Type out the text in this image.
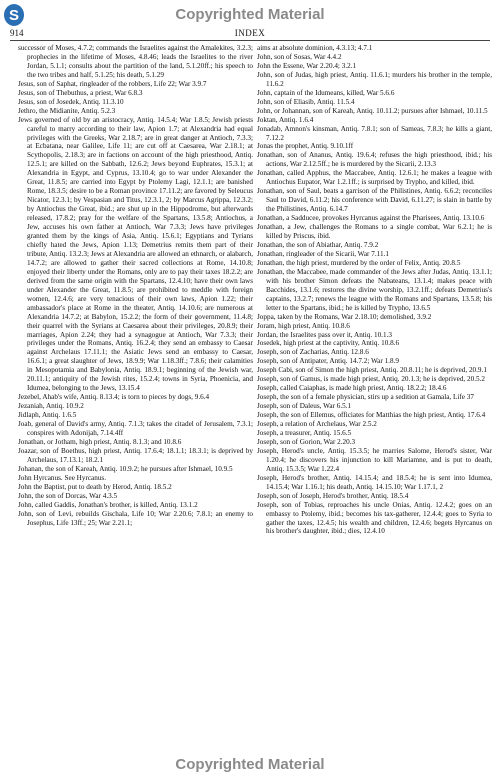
S	Copyrighted Material
914	INDEX
successor of Moses, 4.7.2; commands the Israelites against the Amalekites, 3.2.3; prophecies in the lifetime of Moses, 4.8.46; leads the Israelites to the river Jordan, 5.1.1; consults about the partition of the land, 5.1.20ff.; his speech to the two tribes and half, 5.1.25; his death, 5.1.29
Jesus, son of Saphat, ringleader of the robbers, Life 22; War 3.9.7
Jesus, son of Thebuthus, a priest, War 6.8.3
Jesus, son of Josedek, Antiq. 11.3.10
Jethro, the Midianite, Antiq. 5.2.3
Jews governed of old by an aristocracy, Antiq. 14.5.4; War 1.8.5; Jewish priests careful to marry according to their law, Apion 1.7; at Alexandria had equal privileges with the Greeks, War 2.18.7; are in great danger at Antioch, 7.3.3; at Ecbatana, near Galilee, Life 11; are cut off at Caesarea, War 2.18.1; at Scythopolis, 2.18.3; are in factions on account of the high priesthood, Antiq. 12.5.1; are killed on the Sabbath, 12.6.2; Jews beyond Euphrates, 15.3.1; at Alexandria in Egypt, and Cyprus, 13.10.4; go to war under Alexander the Great, 11.8.5; are carried into Egypt by Ptolemy Lagi, 12.1.1; are banished Rome, 18.3.5; desire to be a Roman province 17.11.2; are favored by Seleucus Nicator, 12.3.1; by Vespasian and Titus, 12.3.1, 2; by Marcus Agrippa, 12.3.2; by Antiochus the Great, ibid.; are shut up in the Hippodrome, but afterwards released, 17.8.2; pray for the welfare of the Spartans, 13.5.8; Antiochus, a Jew, accuses his own father at Antioch, War 7.3.3; Jews have privileges granted them by the kings of Asia, Antiq. 15.6.1; Egyptians and Tyrians chiefly hated the Jews, Apion 1.13; Demetrius remits them part of their tribute, Antiq. 13.2.3; Jews at Alexandria are allowed an ethnarch, or alabarch, 14.7.2; are allowed to gather their sacred collections at Rome, 14.10.8; enjoyed their liberty under the Romans, only are to pay their taxes 18.2.2; are derived from the same origin with the Spartans, 12.4.10; have their own laws under Alexander the Great, 11.8.5; are prohibited to meddle with foreign women, 12.4.6; are very tenacious of their own laws, Apion 1.22; their ambassador's place at Rome in the theater, Antiq. 14.10.6; are numerous at Alexandria 14.7.2; at Babylon, 15.2.2; the form of their government, 11.4.8; their quarrel with the Syrians at Caesarea about their privileges, 20.8.9; their marriages, Apion 2.24; they had a synagogue at Antioch, War 7.3.3; their privileges under the Romans, Antiq. 16.2.4; they send an embassy to Caesar against Archelaus 17.11.1; the Asiatic Jews send an embassy to Caesar, 16.6.1; a great slaughter of Jews, 18.9.9; War 1.18.3ff.; 7.8.6; their calamities in Mesopotamia and Babylonia, Antiq. 18.9.1; beginning of the Jewish war, 20.11.1; antiquity of the Jewish rites, 15.2.4; towns in Syria, Phoenicia, and Idumea, belonging to the Jews, 13.15.4
Jezebel, Ahab's wife, Antiq. 8.13.4; is torn to pieces by dogs, 9.6.4
Jezaniah, Antiq. 10.9.2
Jidlaph, Antiq. 1.6.5
Joab, general of David's army, Antiq. 7.1.3; takes the citadel of Jerusalem, 7.3.1; conspires with Adonijah, 7.14.4ff
Jonathan, or Jotham, high priest, Antiq. 8.1.3; and 10.8.6
Joazar, son of Boethus, high priest, Antiq. 17.6.4; 18.1.1; 18.3.1; is deprived by Archelaus, 17.13.1; 18.2.1
Johanan, the son of Kareah, Antiq. 10.9.2; he pursues after Ishmael, 10.9.5
John Hyrcanus. See Hyrcanus.
John the Baptist, put to death by Herod, Antiq. 18.5.2
John, the son of Dorcas, War 4.3.5
John, called Gaddis, Jonathan's brother, is killed, Antiq. 13.1.2
John, son of Levi, rebuilds Gischala, Life 10; War 2.20.6; 7.8.1; an enemy to Josephus, Life 13ff.; 25; War 2.21.1;
aims at absolute dominion, 4.3.13; 4.7.1
John, son of Sosas, War 4.4.2
John the Essene, War 2.20.4; 3.2.1
John, son of Judas, high priest, Antiq. 11.6.1; murders his brother in the temple, 11.6.2
John, captain of the Idumeans, killed, War 5.6.6
John, son of Eliasib, Antiq. 11.5.4
John, or Johannan, son of Kareah, Antiq. 10.11.2; pursues after Ishmael, 10.11.5
Joktan, Antiq. 1.6.4
Jonadab, Amnon's kinsman, Antiq. 7.8.1; son of Sameas, 7.8.3; he kills a giant, 7.12.2
Jonas the prophet, Antiq. 9.10.1ff
Jonathan, son of Ananus, Antiq. 19.6.4; refuses the high priesthood, ibid.; his actions, War 2.12.5ff.; he is murdered by the Sicarii, 2.13.3
Jonathan, called Apphus, the Maccabee, Antiq. 12.6.1; he makes a league with Antiochus Eupator, War 1.2.1ff.; is surprised by Trypho, and killed, ibid.
Jonathan, son of Saul, beats a garrison of the Philistines, Antiq. 6.6.2; reconciles Saul to David, 6.11.2; his conference with David, 6.11.27; is slain in battle by the Philistines, Antiq. 6.14.7
Jonathan, a Sadducee, provokes Hyrcanus against the Pharisees, Antiq. 13.10.6
Jonathan, a Jew, challenges the Romans to a single combat, War 6.2.1; he is killed by Priscus, ibid.
Jonathan, the son of Abiathar, Antiq. 7.9.2
Jonathan, ringleader of the Sicarii, War 7.11.1
Jonathan, the high priest, murdered by the order of Felix, Antiq. 20.8.5
Jonathan, the Maccabee, made commander of the Jews after Judas, Antiq. 13.1.1; with his brother Simon defeats the Nabateans, 13.1.4; makes peace with Bacchides, 13.1.6; restores the divine worship, 13.2.1ff.; defeats Demetrius's captains, 13.2.7; renews the league with the Romans and Spartans, 13.5.8; his letter to the Spartans, ibid.; he is killed by Trypho, 13.6.5
Joppa, taken by the Romans, War 2.18.10; demolished, 3.9.2
Joram, high priest, Antiq. 10.8.6
Jordan, the Israelites pass over it, Antiq. 10.1.3
Josedek, high priest at the captivity, Antiq. 10.8.6
Joseph, son of Zacharias, Antiq. 12.8.6
Joseph, son of Antipater, Antiq. 14.7.2; War 1.8.9
Joseph Cabi, son of Simon the high priest, Antiq. 20.8.11; he is deprived, 20.9.1
Joseph, son of Gamus, is made high priest, Antiq. 20.1.3; he is deprived, 20.5.2
Joseph, called Caiaphas, is made high priest, Antiq. 18.2.2; 18.4.6
Joseph, the son of a female physician, stirs up a sedition at Gamala, Life 37
Joseph, son of Daleus, War 6.5.1
Joseph, the son of Ellemus, officiates for Matthias the high priest, Antiq. 17.6.4
Joseph, a relation of Archelaus, War 2.5.2
Joseph, a treasurer, Antiq. 15.6.5
Joseph, son of Gorion, War 2.20.3
Joseph, Herod's uncle, Antiq. 15.3.5; he marries Salome, Herod's sister, War 1.20.4; he discovers his injunction to kill Mariamne, and is put to death, Antiq. 15.3.5; War 1.22.4
Joseph, Herod's brother, Antiq. 14.15.4; and 18.5.4; he is sent into Idumea, 14.15.4; War 1.16.1; his death, Antiq. 14.15.10; War 1.17.1, 2
Joseph, son of Joseph, Herod's brother, Antiq. 18.5.4
Joseph, son of Tobias, reproaches his uncle Onias, Antiq. 12.4.2; goes on an embassy to Ptolemy, ibid.; becomes his tax-gatherer, 12.4.4; goes to Syria to gather the taxes, 12.4.5; his wealth and children, 12.4.6; begets Hyrcanus on his brother's daughter, ibid.; dies, 12.4.10
Copyrighted Material
